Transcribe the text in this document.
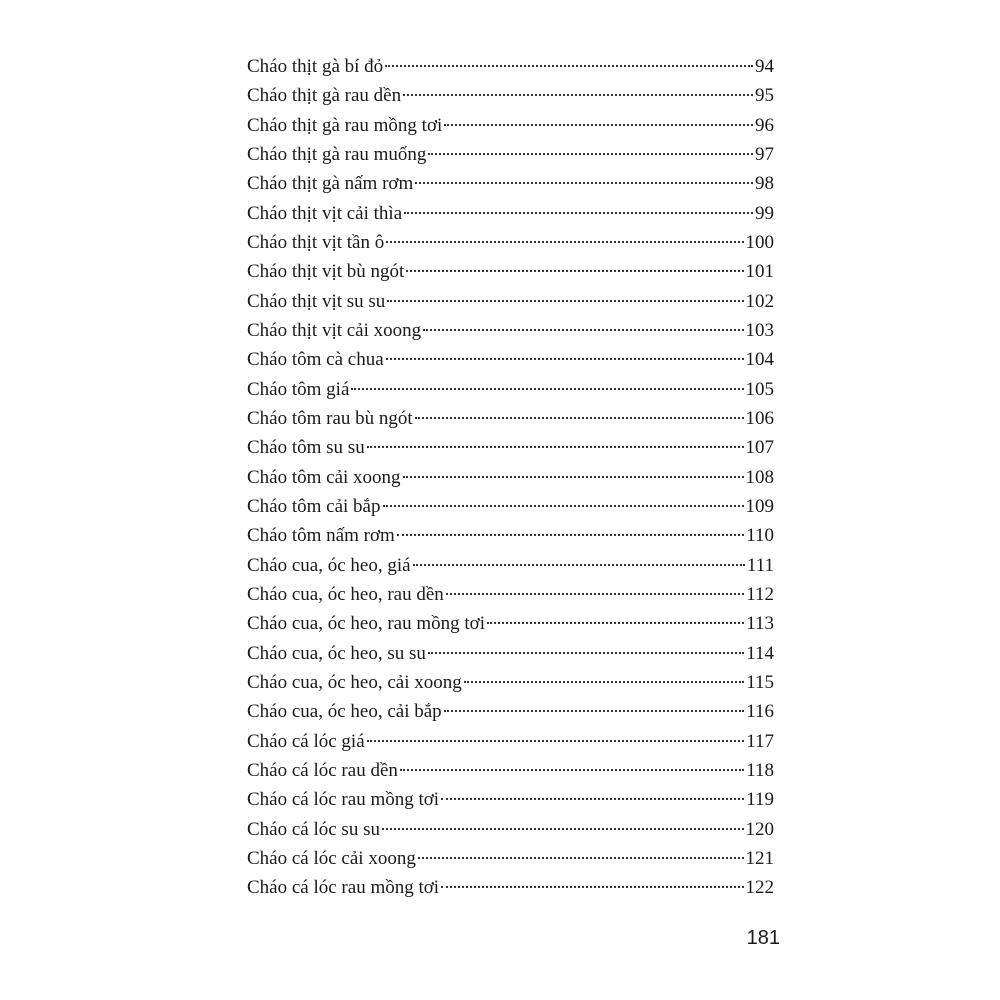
Cháo thịt gà bí đỏ	94
Cháo thịt gà rau dền	95
Cháo thịt gà rau mồng tơi	96
Cháo thịt gà rau muống	97
Cháo thịt gà nấm rơm	98
Cháo thịt vịt cải thìa	99
Cháo thịt vịt tần ô	100
Cháo thịt vịt bù ngót	101
Cháo thịt vịt su su	102
Cháo thịt vịt cải xoong	103
Cháo tôm cà chua	104
Cháo tôm giá	105
Cháo tôm rau bù ngót	106
Cháo tôm su su	107
Cháo tôm cải xoong	108
Cháo tôm cải bắp	109
Cháo tôm nấm rơm	110
Cháo cua, óc heo, giá	111
Cháo cua, óc heo, rau dền	112
Cháo cua, óc heo, rau mồng tơi	113
Cháo cua, óc heo, su su	114
Cháo cua, óc heo, cải xoong	115
Cháo cua, óc heo, cải bắp	116
Cháo cá lóc giá	117
Cháo cá lóc rau dền	118
Cháo cá lóc rau mồng tơi	119
Cháo cá lóc su su	120
Cháo cá lóc cải xoong	121
Cháo cá lóc rau mồng tơi	122
181
